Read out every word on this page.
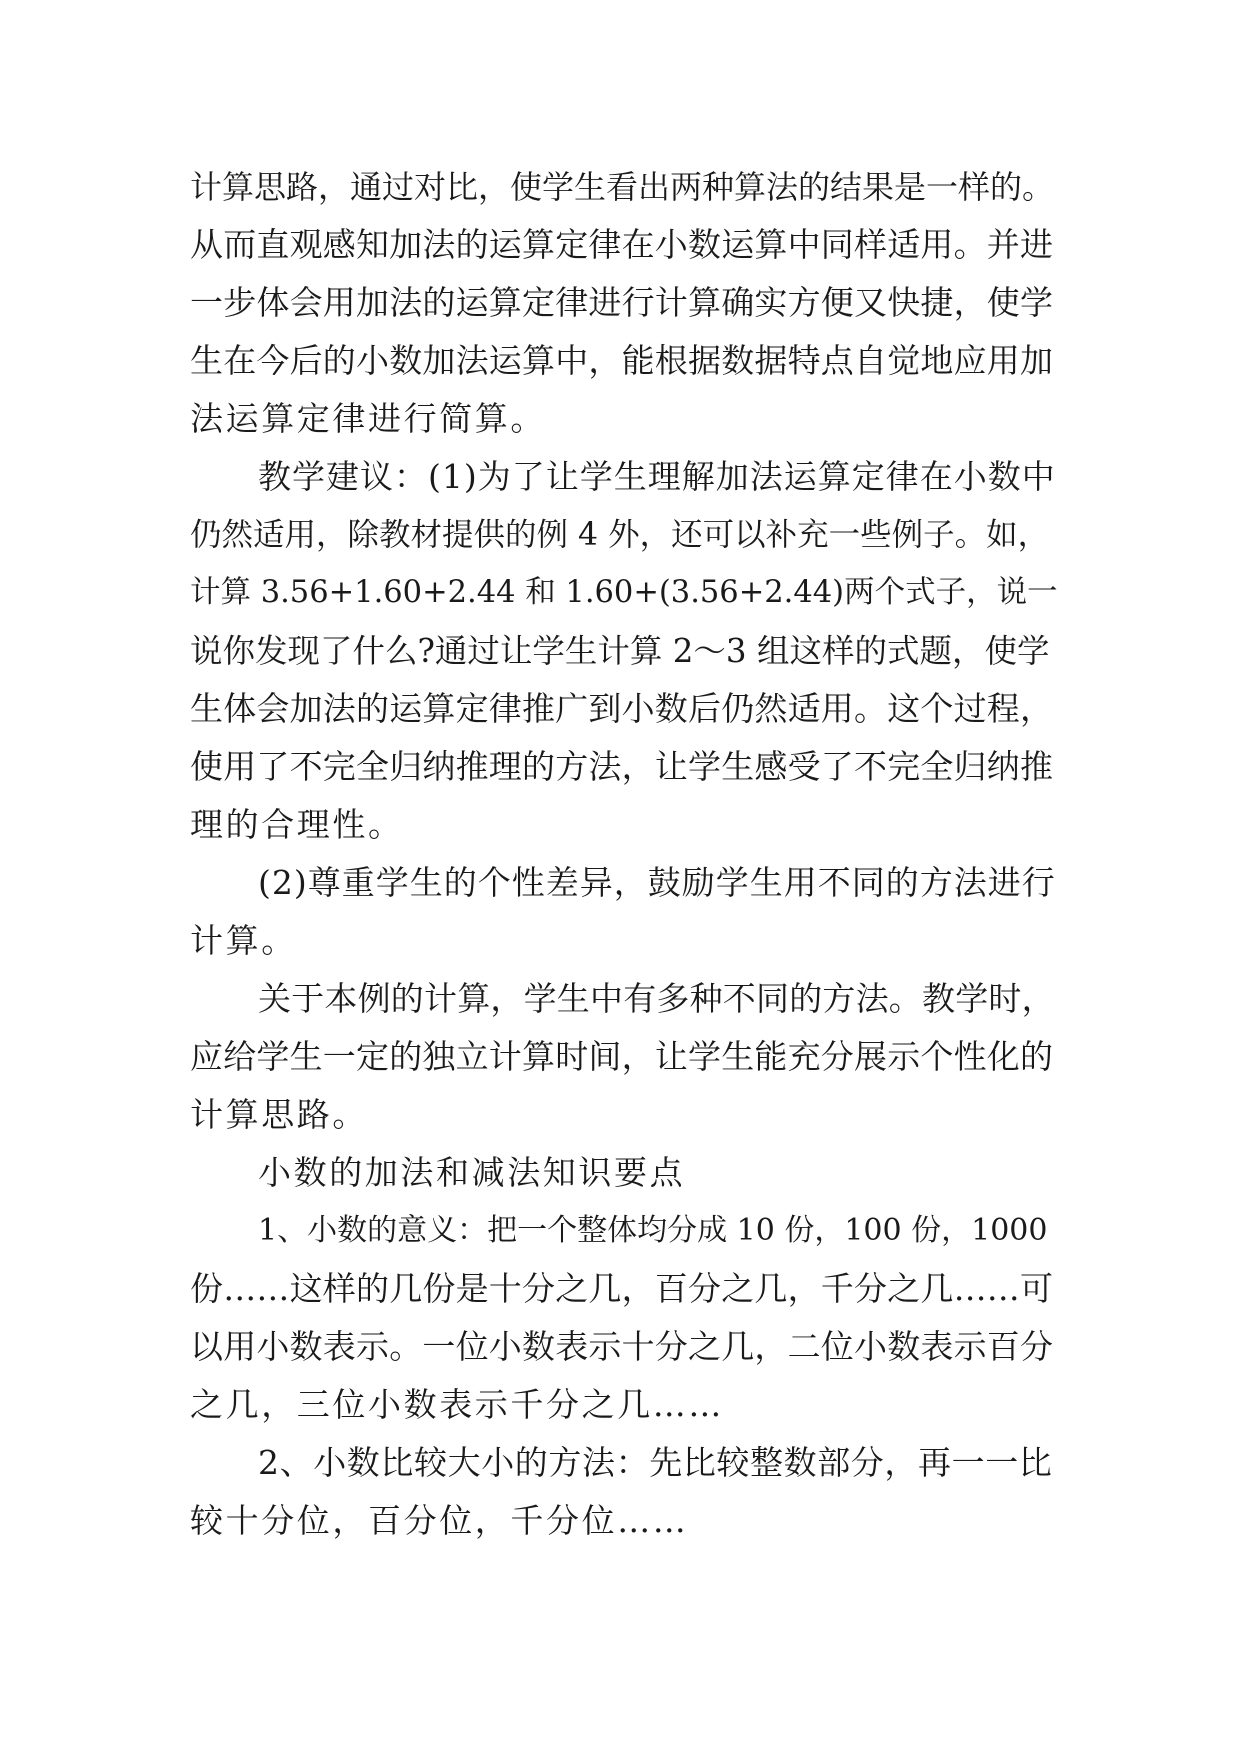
计算思路，通过对比，使学生看出两种算法的结果是一样的。
从而直观感知加法的运算定律在小数运算中同样适用。并进
一步体会用加法的运算定律进行计算确实方便又快捷，使学
生在今后的小数加法运算中，能根据数据特点自觉地应用加
法运算定律进行简算。
教学建议：(1)为了让学生理解加法运算定律在小数中
仍然适用，除教材提供的例 4 外，还可以补充一些例子。如，
计算 3.56+1.60+2.44 和 1.60+(3.56+2.44)两个式子，说一
说你发现了什么?通过让学生计算 2～3 组这样的式题，使学
生体会加法的运算定律推广到小数后仍然适用。这个过程，
使用了不完全归纳推理的方法，让学生感受了不完全归纳推
理的合理性。
(2)尊重学生的个性差异，鼓励学生用不同的方法进行
计算。
关于本例的计算，学生中有多种不同的方法。教学时，
应给学生一定的独立计算时间，让学生能充分展示个性化的
计算思路。
小数的加法和减法知识要点
1、小数的意义：把一个整体均分成 10 份，100 份，1000
份……这样的几份是十分之几，百分之几，千分之几……可
以用小数表示。一位小数表示十分之几，二位小数表示百分
之几，三位小数表示千分之几……
2、小数比较大小的方法：先比较整数部分，再一一比
较十分位，百分位，千分位……
